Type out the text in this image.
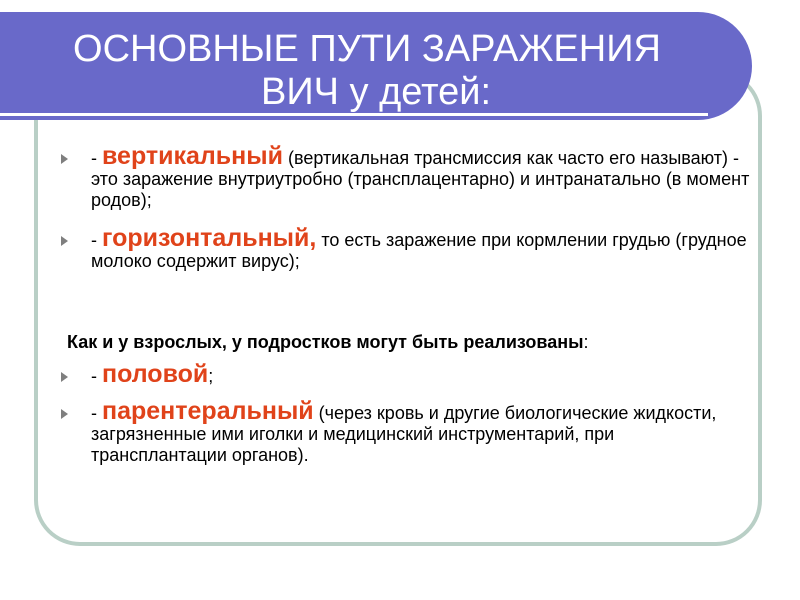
ОСНОВНЫЕ ПУТИ ЗАРАЖЕНИЯ
ВИЧ у детей:
- вертикальный (вертикальная трансмиссия как часто его называют) - это заражение внутриутробно (трансплацентарно) и интранатально (в момент родов);
- горизонтальный, то есть заражение при кормлении грудью (грудное молоко содержит вирус);
Как и у взрослых, у подростков могут быть реализованы:
- половой;
- парентеральный (через кровь и другие биологические жидкости, загрязненные ими иголки и медицинский инструментарий, при трансплантации органов).
